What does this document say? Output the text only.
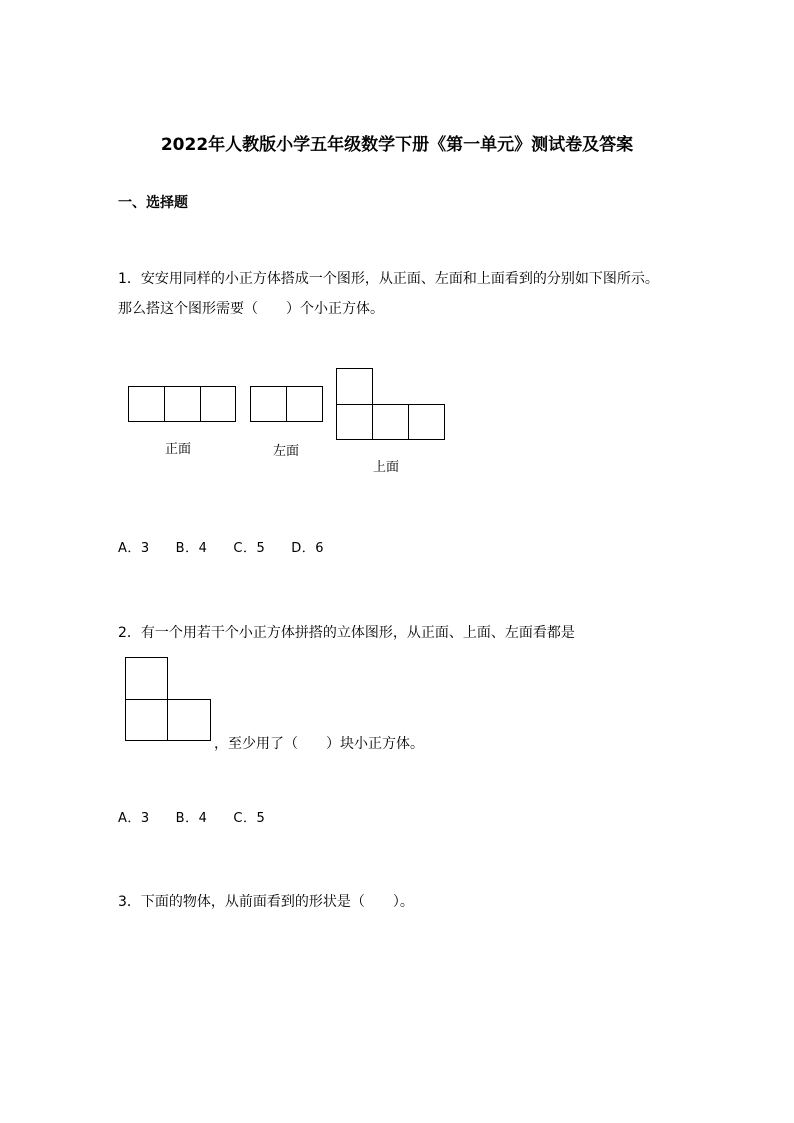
2022年人教版小学五年级数学下册《第一单元》测试卷及答案
一、选择题
1．安安用同样的小正方体搭成一个图形，从正面、左面和上面看到的分别如下图所示。
那么搭这个图形需要（　　）个小正方体。
正面	左面
上面
A．3 B．4 C．5 D．6
2．有一个用若干个小正方体拼搭的立体图形，从正面、上面、左面看都是
，至少用了（　　）块小正方体。
A．3 B．4 C．5
3．下面的物体，从前面看到的形状是（　　）。
